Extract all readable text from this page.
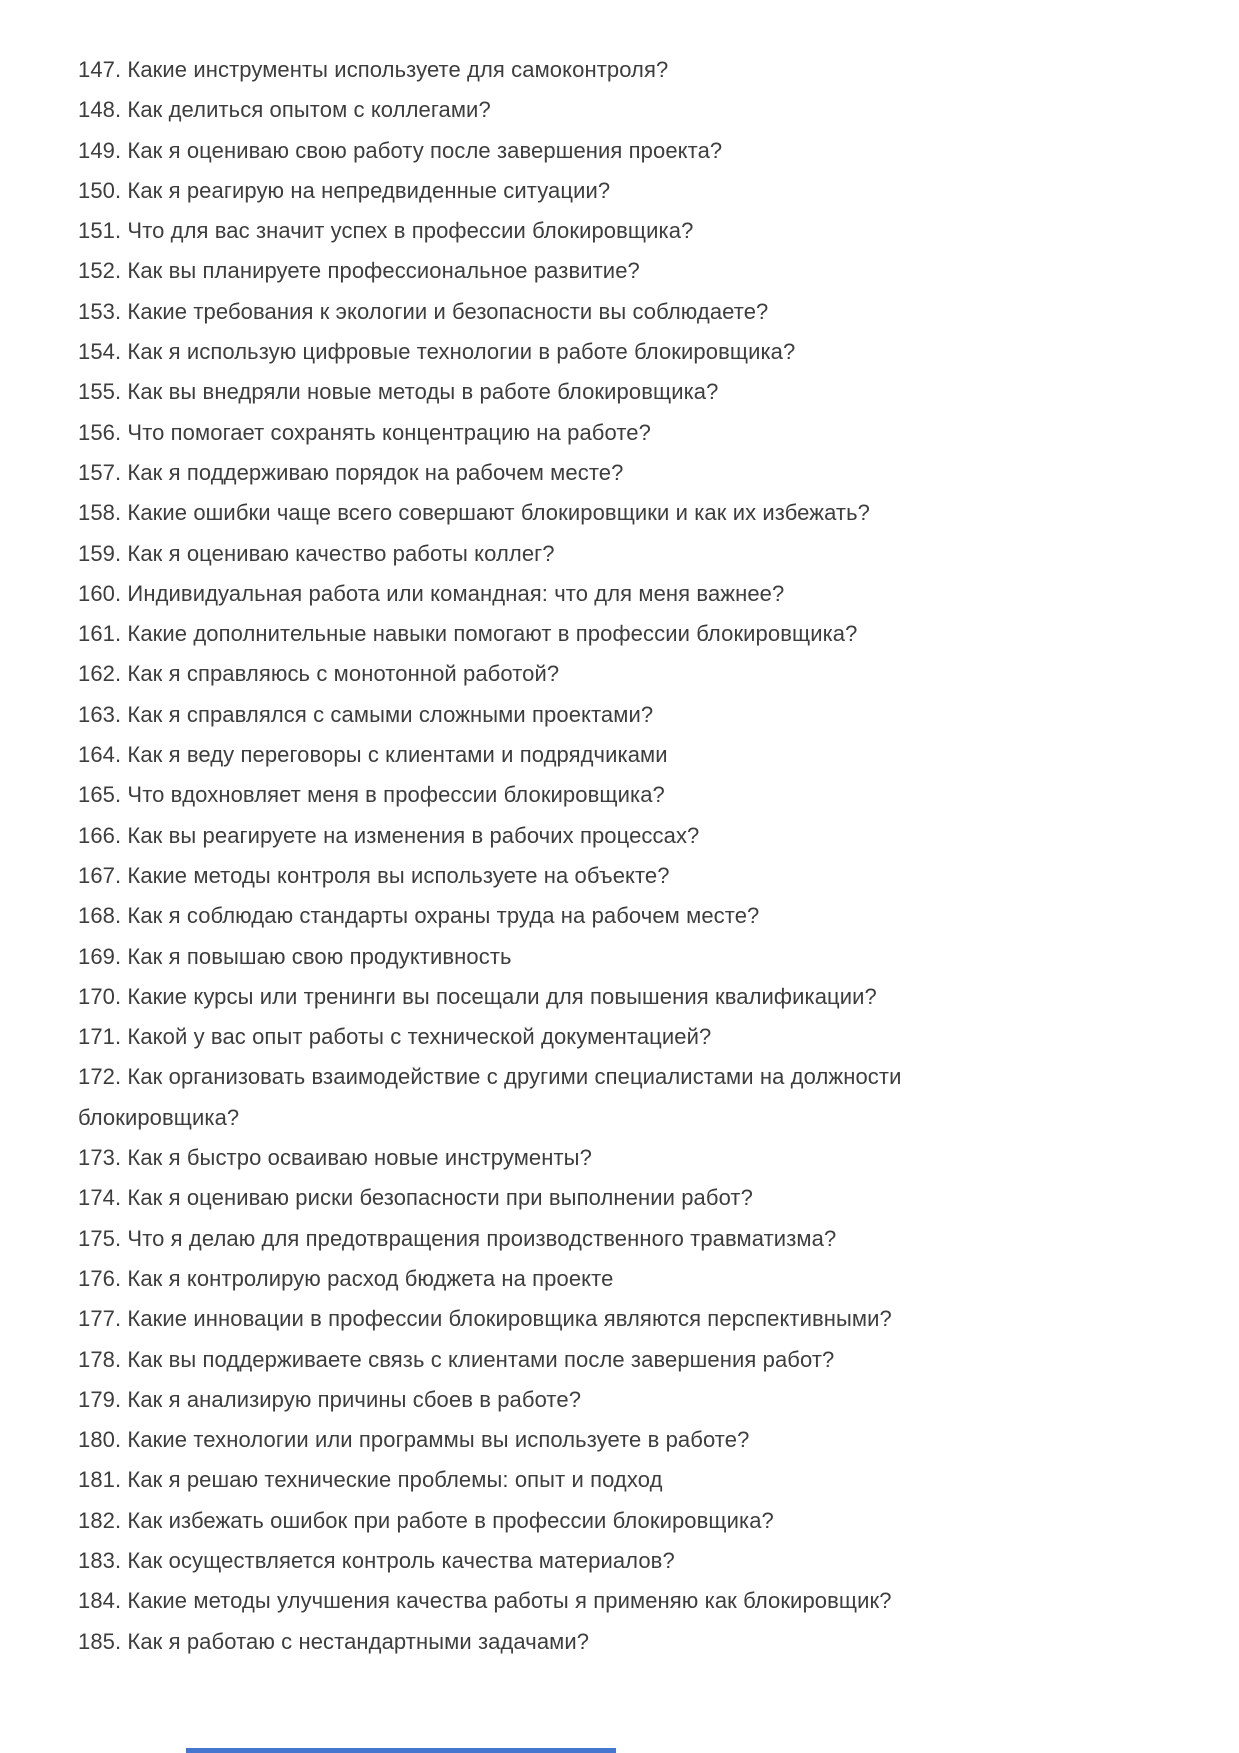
147. Какие инструменты используете для самоконтроля?

148. Как делиться опытом с коллегами?

149. Как я оцениваю свою работу после завершения проекта?

150. Как я реагирую на непредвиденные ситуации?

151. Что для вас значит успех в профессии блокировщика?

152. Как вы планируете профессиональное развитие?

153. Какие требования к экологии и безопасности вы соблюдаете?

154. Как я использую цифровые технологии в работе блокировщика?

155. Как вы внедряли новые методы в работе блокировщика?

156. Что помогает сохранять концентрацию на работе?

157. Как я поддерживаю порядок на рабочем месте?

158. Какие ошибки чаще всего совершают блокировщики и как их избежать?

159. Как я оцениваю качество работы коллег?

160. Индивидуальная работа или командная: что для меня важнее?

161. Какие дополнительные навыки помогают в профессии блокировщика?

162. Как я справляюсь с монотонной работой?

163. Как я справлялся с самыми сложными проектами?

164. Как я веду переговоры с клиентами и подрядчиками

165. Что вдохновляет меня в профессии блокировщика?

166. Как вы реагируете на изменения в рабочих процессах?

167. Какие методы контроля вы используете на объекте?

168. Как я соблюдаю стандарты охраны труда на рабочем месте?

169. Как я повышаю свою продуктивность

170. Какие курсы или тренинги вы посещали для повышения квалификации?

171. Какой у вас опыт работы с технической документацией?

172. Как организовать взаимодействие с другими специалистами на должности блокировщика?

173. Как я быстро осваиваю новые инструменты?

174. Как я оцениваю риски безопасности при выполнении работ?

175. Что я делаю для предотвращения производственного травматизма?

176. Как я контролирую расход бюджета на проекте

177. Какие инновации в профессии блокировщика являются перспективными?

178. Как вы поддерживаете связь с клиентами после завершения работ?

179. Как я анализирую причины сбоев в работе?

180. Какие технологии или программы вы используете в работе?

181. Как я решаю технические проблемы: опыт и подход

182. Как избежать ошибок при работе в профессии блокировщика?

183. Как осуществляется контроль качества материалов?

184. Какие методы улучшения качества работы я применяю как блокировщик?

185. Как я работаю с нестандартными задачами?
